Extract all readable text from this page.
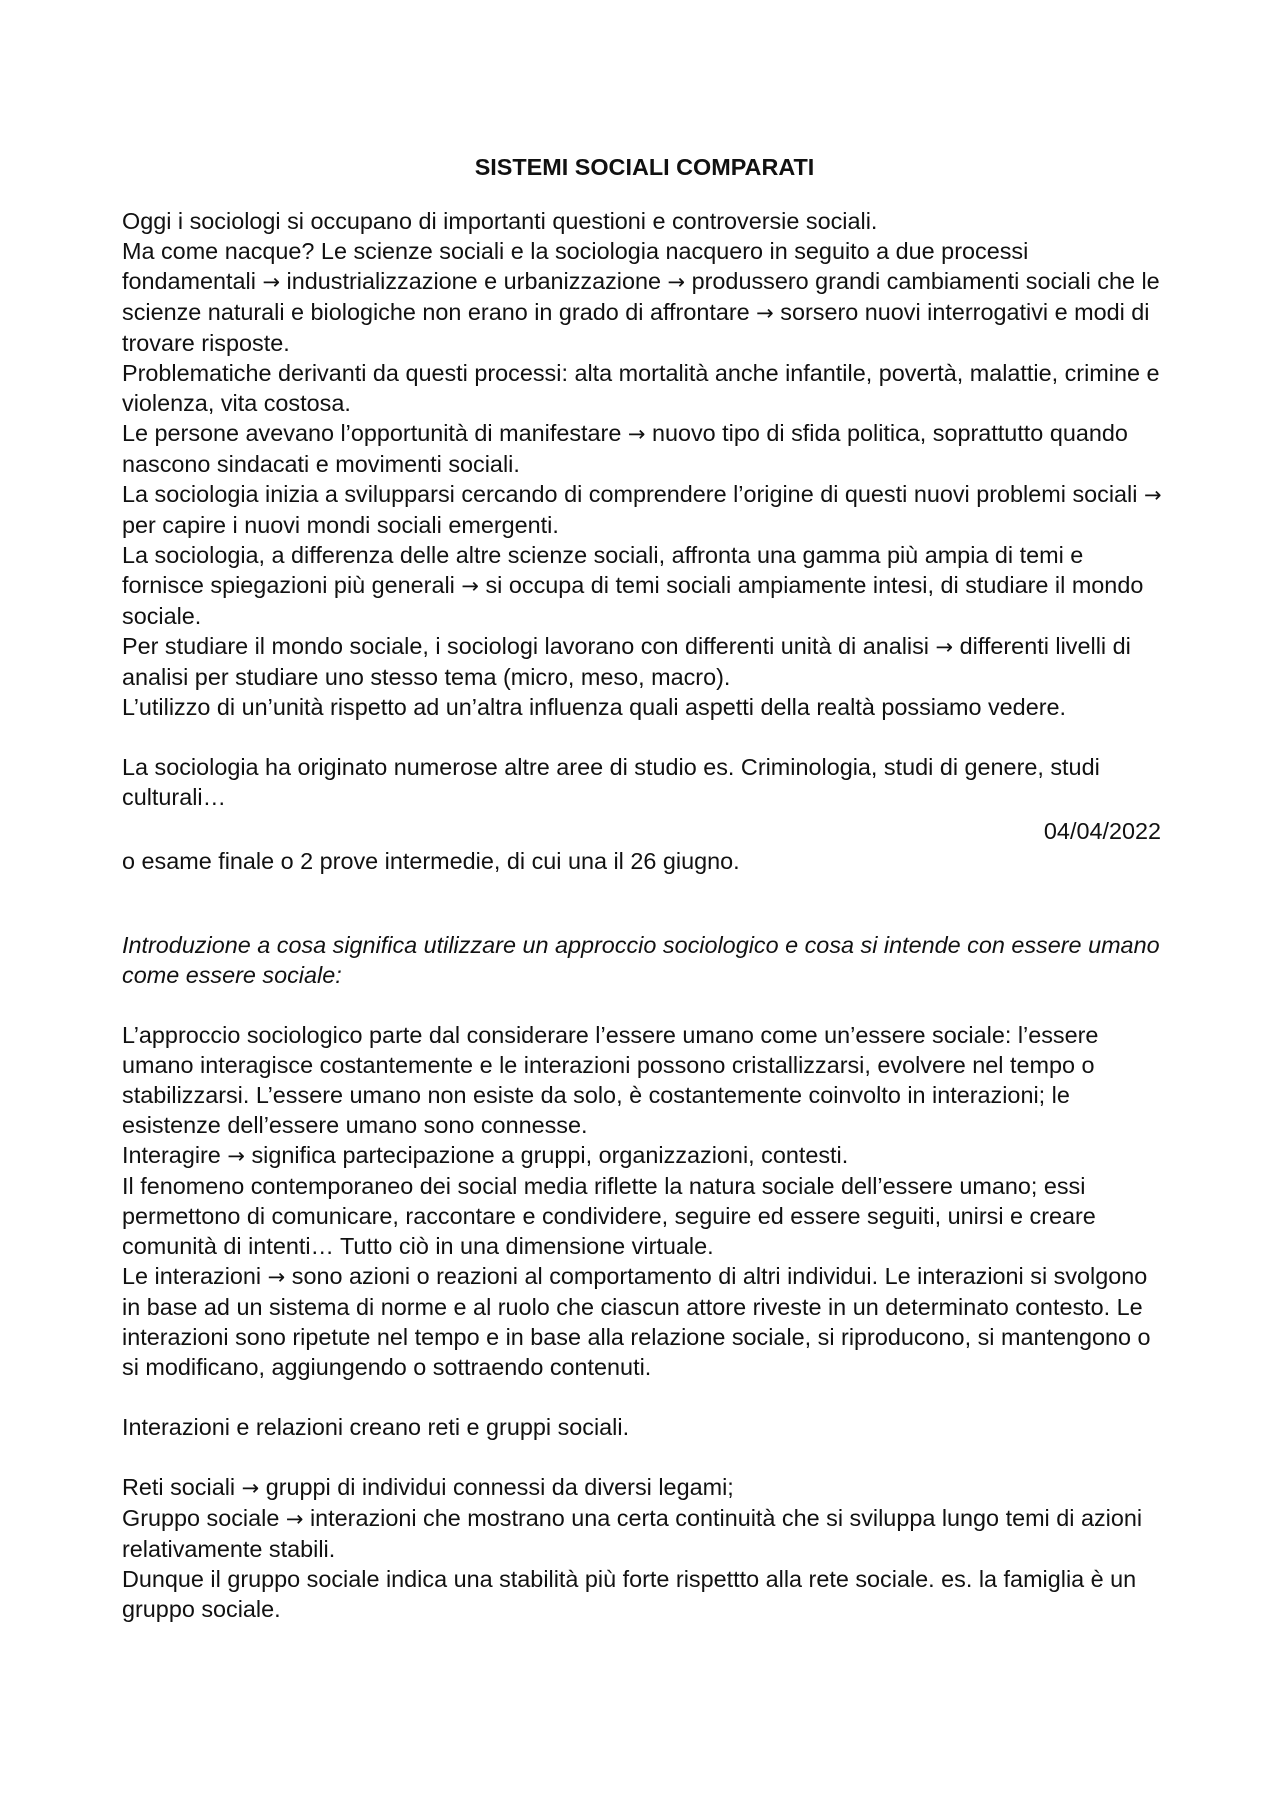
SISTEMI SOCIALI COMPARATI

Oggi i sociologi si occupano di importanti questioni e controversie sociali.

Ma come nacque? Le scienze sociali e la sociologia nacquero in seguito a due processi fondamentali → industrializzazione e urbanizzazione → produssero grandi cambiamenti sociali che le scienze naturali e biologiche non erano in grado di affrontare → sorsero nuovi interrogativi e modi di trovare risposte.

Problematiche derivanti da questi processi: alta mortalità anche infantile, povertà, malattie, crimine e violenza, vita costosa.

Le persone avevano l’opportunità di manifestare → nuovo tipo di sfida politica, soprattutto quando nascono sindacati e movimenti sociali.

La sociologia inizia a svilupparsi cercando di comprendere l’origine di questi nuovi problemi sociali → per capire i nuovi mondi sociali emergenti.

La sociologia, a differenza delle altre scienze sociali, affronta una gamma più ampia di temi e fornisce spiegazioni più generali → si occupa di temi sociali ampiamente intesi, di studiare il mondo sociale.

Per studiare il mondo sociale, i sociologi lavorano con differenti unità di analisi → differenti livelli di analisi per studiare uno stesso tema (micro, meso, macro).

L’utilizzo di un’unità rispetto ad un’altra influenza quali aspetti della realtà possiamo vedere.

La sociologia ha originato numerose altre aree di studio es. Criminologia, studi di genere, studi culturali…

04/04/2022

o esame finale o 2 prove intermedie, di cui una il 26 giugno.

Introduzione a cosa significa utilizzare un approccio sociologico e cosa si intende con essere umano come essere sociale:

L’approccio sociologico parte dal considerare l’essere umano come un’essere sociale: l’essere umano interagisce costantemente e le interazioni possono cristallizzarsi, evolvere nel tempo o stabilizzarsi. L’essere umano non esiste da solo, è costantemente coinvolto in interazioni; le esistenze dell’essere umano sono connesse.

Interagire → significa partecipazione a gruppi, organizzazioni, contesti.

Il fenomeno contemporaneo dei social media riflette la natura sociale dell’essere umano; essi permettono di comunicare, raccontare e condividere, seguire ed essere seguiti, unirsi e creare comunità di intenti… Tutto ciò in una dimensione virtuale.

Le interazioni → sono azioni o reazioni al comportamento di altri individui. Le interazioni si svolgono in base ad un sistema di norme e al ruolo che ciascun attore riveste in un determinato contesto. Le interazioni sono ripetute nel tempo e in base alla relazione sociale, si riproducono, si mantengono o si modificano, aggiungendo o sottraendo contenuti.

Interazioni e relazioni creano reti e gruppi sociali.

Reti sociali → gruppi di individui connessi da diversi legami;

Gruppo sociale → interazioni che mostrano una certa continuità che si sviluppa lungo temi di azioni relativamente stabili.

Dunque il gruppo sociale indica una stabilità più forte rispettto alla rete sociale. es. la famiglia è un gruppo sociale.
